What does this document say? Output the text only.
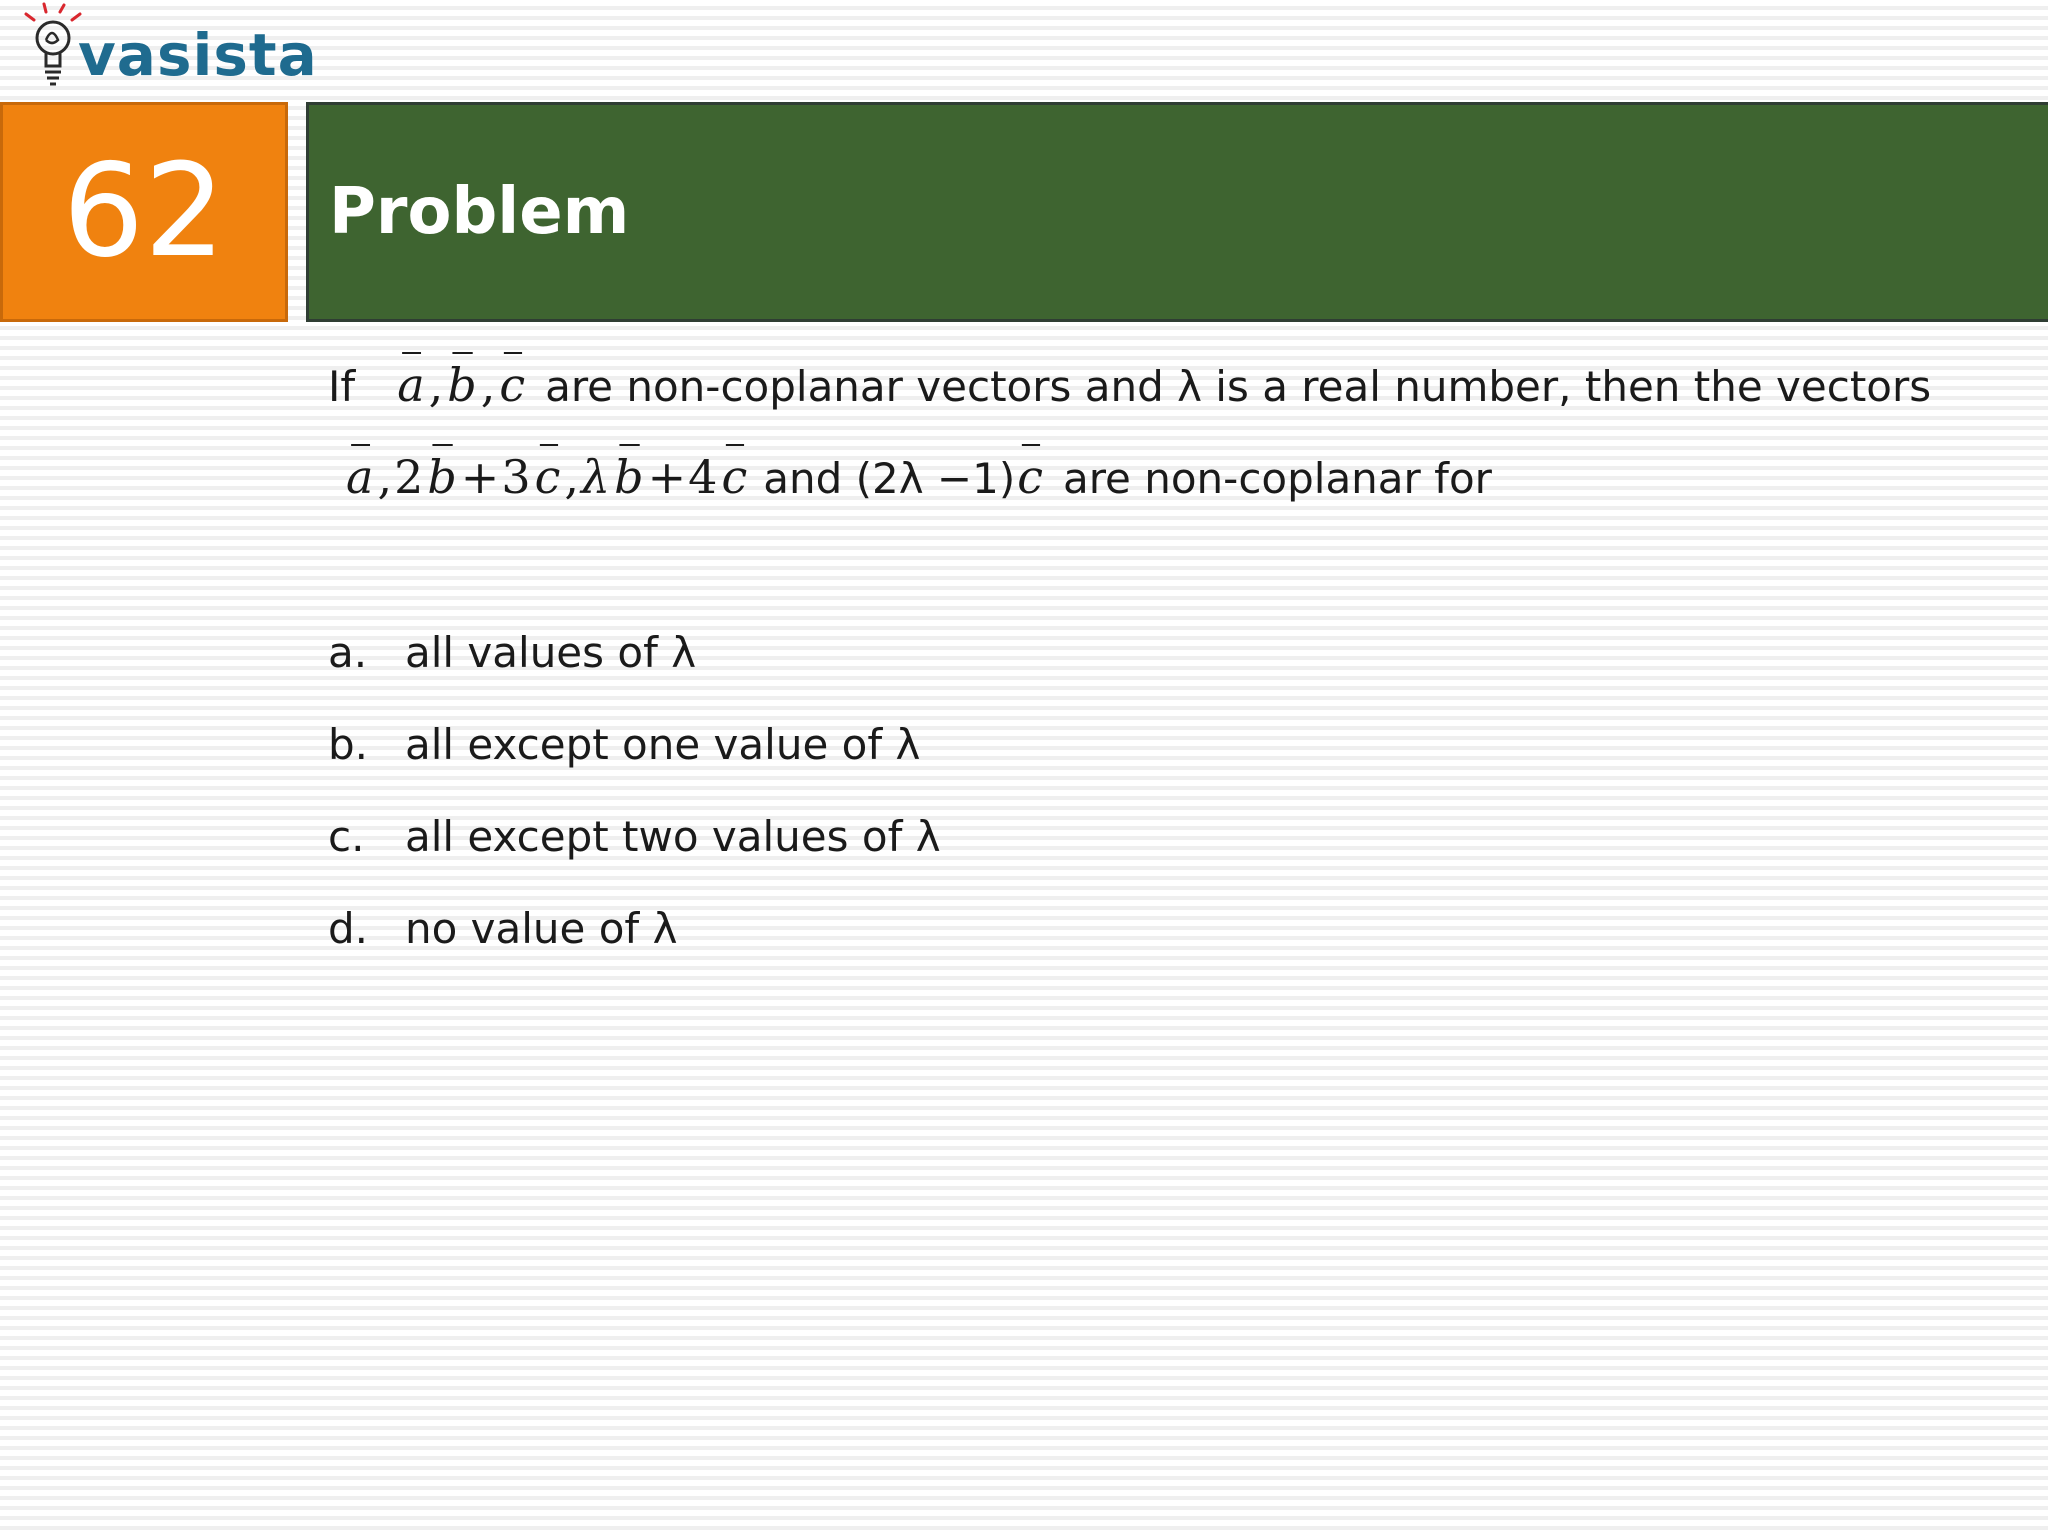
vasista
62 Problem
If a,b,c are non-coplanar vectors and λ is a real number, then the vectors
a,2b+3c,λb+4c and (2λ −1) c are non-coplanar for
a. all values of λ
b. all except one value of λ
c. all except two values of λ
d. no value of λ
